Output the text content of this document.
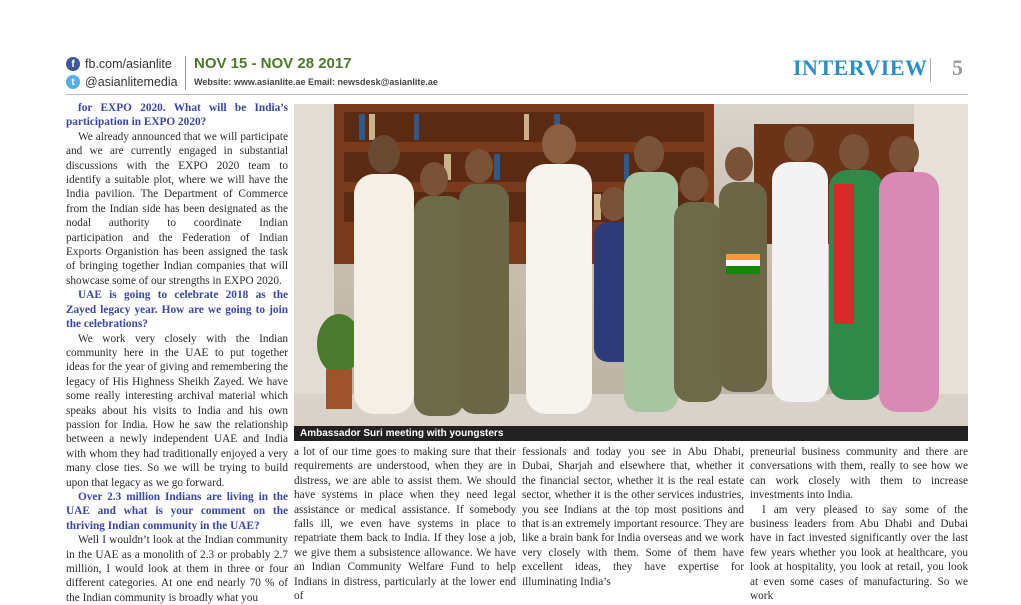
f fb.com/asianlite
t @asianlitemedia
NOV 15 - NOV 28 2017
Website: www.asianlite.ae Email: newsdesk@asianlite.ae
INTERVIEW 5

for EXPO 2020. What will be India’s participation in EXPO 2020?

We already announced that we will participate and we are currently engaged in substantial discussions with the EXPO 2020 team to identify a suitable plot, where we will have the India pavilion. The Department of Commerce from the Indian side has been designated as the nodal authority to coordinate Indian participation and the Federation of Indian Exports Organistion has been assigned the task of bringing together Indian companies that will showcase some of our strengths in EXPO 2020.

UAE is going to celebrate 2018 as the Zayed legacy year. How are we going to join the celebrations?

We work very closely with the Indian community here in the UAE to put together ideas for the year of giving and remembering the legacy of His Highness Sheikh Zayed. We have some really interesting archival material which speaks about his visits to India and his own passion for India. How he saw the relationship between a newly independent UAE and India with whom they had traditionally enjoyed a very many close ties. So we will be trying to build upon that legacy as we go forward.

Over 2.3 million Indians are living in the UAE and what is your comment on the thriving Indian community in the UAE?

Well I wouldn’t look at the Indian community in the UAE as a monolith of 2.3 or probably 2.7 million, I would look at them in three or four different categories. At one end nearly 70 % of the Indian community is broadly what you

Ambassador Suri meeting with youngsters

a lot of our time goes to making sure that their requirements are understood, when they are in distress, we are able to assist them. We should have systems in place when they need legal assistance or medical assistance. If somebody falls ill, we even have systems in place to repatriate them back to India. If they lose a job, we give them a subsistence allowance. We have an Indian Community Welfare Fund to help Indians in distress, particularly at the lower end of

fessionals and today you see in Abu Dhabi, Dubai, Sharjah and elsewhere that, whether it the financial sector, whether it is the real estate sector, whether it is the other services industries, you see Indians at the top most positions and that is an extremely important resource. They are like a brain bank for India overseas and we work very closely with them. Some of them have excellent ideas, they have expertise for illuminating India’s

preneurial business community and there are conversations with them, really to see how we can work closely with them to increase investments into India.

I am very pleased to say some of the business leaders from Abu Dhabi and Dubai have in fact invested significantly over the last few years whether you look at healthcare, you look at hospitality, you look at retail, you look at even some cases of manufacturing. So we work
